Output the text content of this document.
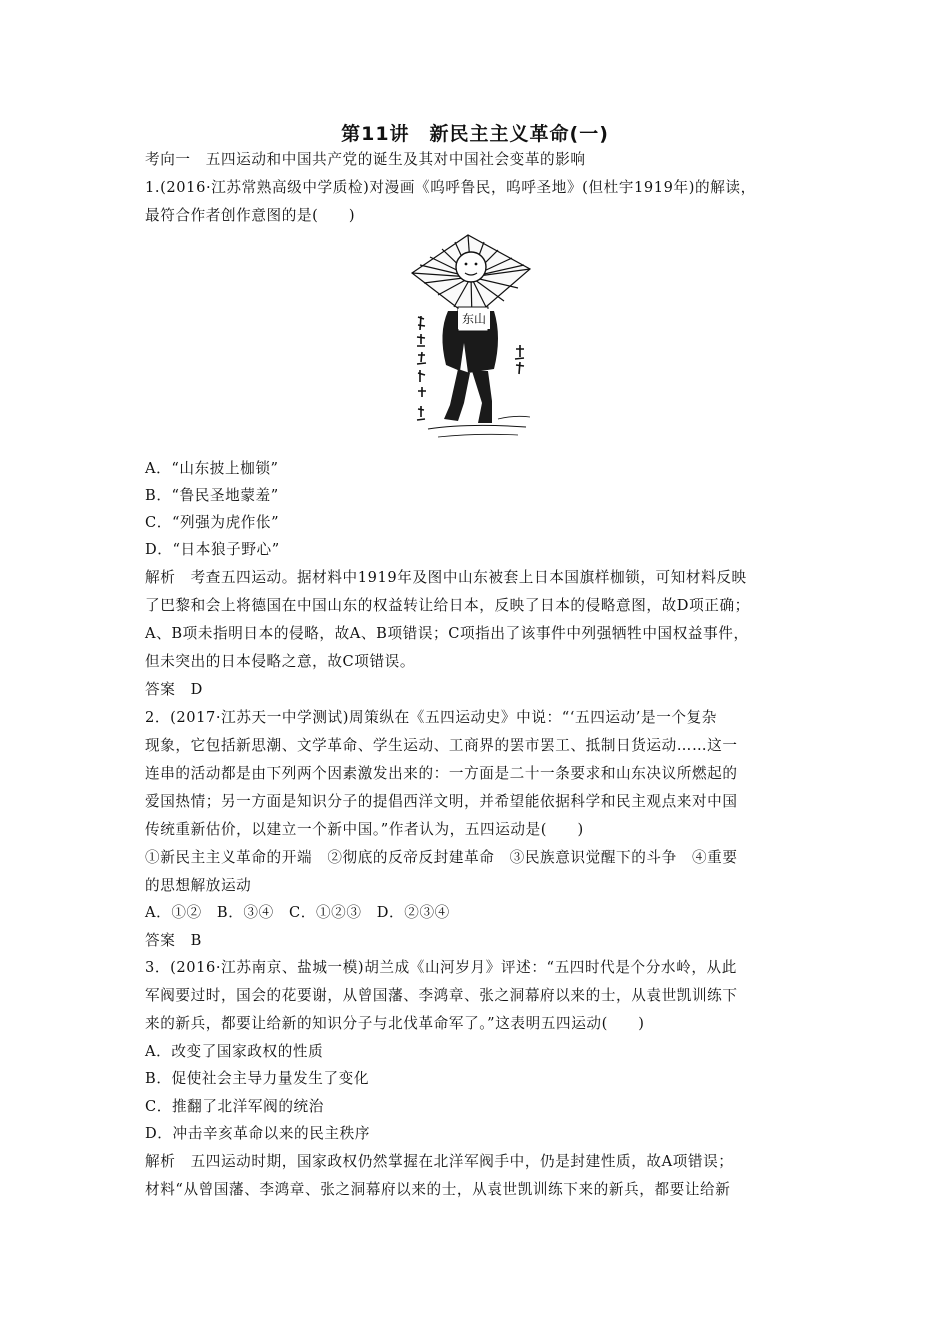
第11讲　新民主主义革命(一)
考向一　五四运动和中国共产党的诞生及其对中国社会变革的影响
1.(2016·江苏常熟高级中学质检)对漫画《呜呼鲁民，呜呼圣地》(但杜宇1919年)的解读，
最符合作者创作意图的是(　　)
东山
A．“山东披上枷锁”
B．“鲁民圣地蒙羞”
C．“列强为虎作伥”
D．“日本狼子野心”
解析　考查五四运动。据材料中1919年及图中山东被套上日本国旗样枷锁，可知材料反映
了巴黎和会上将德国在中国山东的权益转让给日本，反映了日本的侵略意图，故D项正确；
A、B项未指明日本的侵略，故A、B项错误；C项指出了该事件中列强牺牲中国权益事件，
但未突出的日本侵略之意，故C项错误。
答案　D
2．(2017·江苏天一中学测试)周策纵在《五四运动史》中说：“‘五四运动’是一个复杂
现象，它包括新思潮、文学革命、学生运动、工商界的罢市罢工、抵制日货运动……这一
连串的活动都是由下列两个因素激发出来的：一方面是二十一条要求和山东决议所燃起的
爱国热情；另一方面是知识分子的提倡西洋文明，并希望能依据科学和民主观点来对中国
传统重新估价，以建立一个新中国。”作者认为，五四运动是(　　)
①新民主主义革命的开端　②彻底的反帝反封建革命　③民族意识觉醒下的斗争　④重要
的思想解放运动
A．①②　B．③④　C．①②③　D．②③④
答案　B
3．(2016·江苏南京、盐城一模)胡兰成《山河岁月》评述：“五四时代是个分水岭，从此
军阀要过时，国会的花要谢，从曾国藩、李鸿章、张之洞幕府以来的士，从袁世凯训练下
来的新兵，都要让给新的知识分子与北伐革命军了。”这表明五四运动(　　)
A．改变了国家政权的性质
B．促使社会主导力量发生了变化
C．推翻了北洋军阀的统治
D．冲击辛亥革命以来的民主秩序
解析　五四运动时期，国家政权仍然掌握在北洋军阀手中，仍是封建性质，故A项错误；
材料“从曾国藩、李鸿章、张之洞幕府以来的士，从袁世凯训练下来的新兵，都要让给新
